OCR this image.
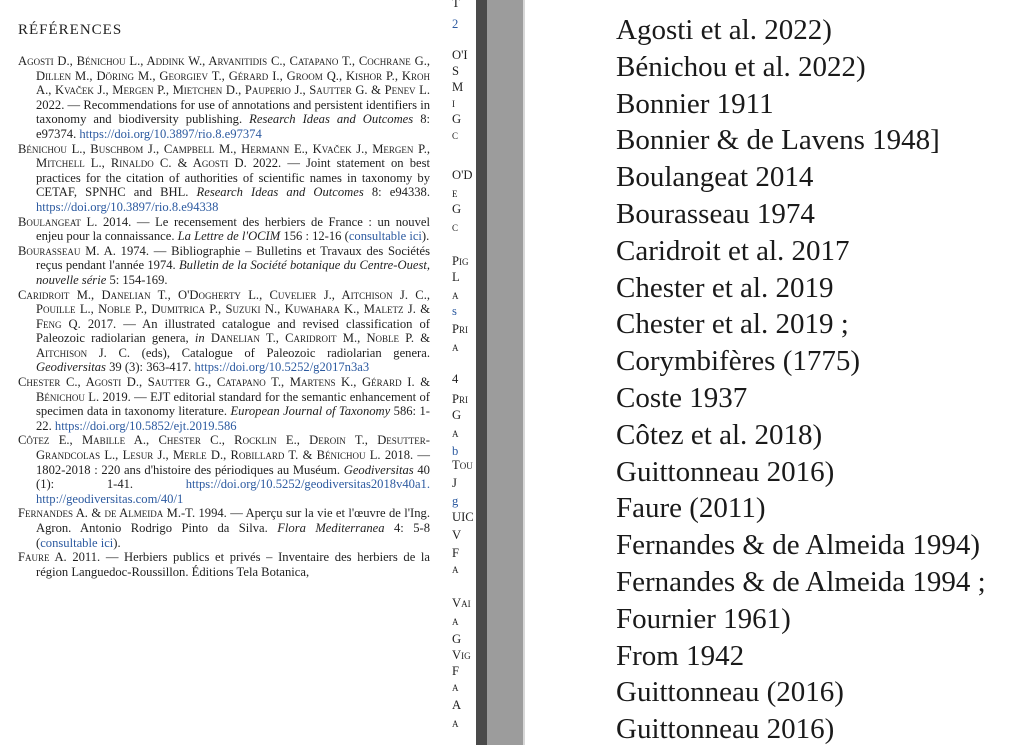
RÉFÉRENCES

Agosti D., Bénichou L., Addink W., Arvanitidis C., Catapano T., Cochrane G., Dillen M., Döring M., Georgiev T., Gérard I., Groom Q., Kishor P., Kroh A., Kvaček J., Mergen P., Mietchen D., Pauperio J., Sautter G. & Penev L. 2022. — Recommendations for use of annotations and persistent identifiers in taxonomy and biodiversity publishing. Research Ideas and Outcomes 8: e97374. https://doi.org/10.3897/rio.8.e97374

Bénichou L., Buschbom J., Campbell M., Hermann E., Kvaček J., Mergen P., Mitchell L., Rinaldo C. & Agosti D. 2022. — Joint statement on best practices for the citation of authorities of scientific names in taxonomy by CETAF, SPNHC and BHL. Research Ideas and Outcomes 8: e94338. https://doi.org/10.3897/rio.8.e94338

Boulangeat L. 2014. — Le recensement des herbiers de France : un nouvel enjeu pour la connaissance. La Lettre de l'OCIM 156 : 12-16 (consultable ici).

Bourasseau M. A. 1974. — Bibliographie – Bulletins et Travaux des Sociétés reçus pendant l'année 1974. Bulletin de la Société botanique du Centre-Ouest, nouvelle série 5: 154-169.

Caridroit M., Danelian T., O'Dogherty L., Cuvelier J., Aitchison J. C., Pouille L., Noble P., Dumitrica P., Suzuki N., Kuwahara K., Maletz J. & Feng Q. 2017. — An illustrated catalogue and revised classification of Paleozoic radiolarian genera, in Danelian T., Caridroit M., Noble P. & Aitchison J. C. (eds), Catalogue of Paleozoic radiolarian genera. Geodiversitas 39 (3): 363-417. https://doi.org/10.5252/g2017n3a3

Chester C., Agosti D., Sautter G., Catapano T., Martens K., Gérard I. & Bénichou L. 2019. — EJT editorial standard for the semantic enhancement of specimen data in taxonomy literature. European Journal of Taxonomy 586: 1-22. https://doi.org/10.5852/ejt.2019.586

Côtez E., Mabille A., Chester C., Rocklin E., Deroin T., Desutter-Grandcolas L., Lesur J., Merle D., Robillard T. & Bénichou L. 2018. — 1802-2018 : 220 ans d'histoire des périodiques au Muséum. Geodiversitas 40 (1): 1-41. https://doi.org/10.5252/geodiversitas2018v40a1. http://geodiversitas.com/40/1

Fernandes A. & de Almeida M.-T. 1994. — Aperçu sur la vie et l'œuvre de l'Ing. Agron. Antonio Rodrigo Pinto da Silva. Flora Mediterranea 4: 5-8 (consultable ici).

Faure A. 2011. — Herbiers publics et privés – Inventaire des herbiers de la région Languedoc-Roussillon. Éditions Tela Botanica,

T
2
O'I
S
M
i
G
c
O'D
e
G
c
Pig
L
a
s
Pri
a
4
Pri
G
a
b
Tou
J
g
UIC
V
F
a
Vai
a
G
Vig
F
a
A
a
Agosti et al. 2022)
Bénichou et al. 2022)
Bonnier 1911
Bonnier & de Lavens 1948]
Boulangeat 2014
Bourasseau 1974
Caridroit et al. 2017
Chester et al. 2019
Chester et al. 2019 ;
Corymbifères (1775)
Coste 1937
Côtez et al. 2018)
Guittonneau 2016)
Faure (2011)
Fernandes & de Almeida 1994)
Fernandes & de Almeida 1994 ;
Fournier 1961)
From 1942
Guittonneau (2016)
Guittonneau 2016)
